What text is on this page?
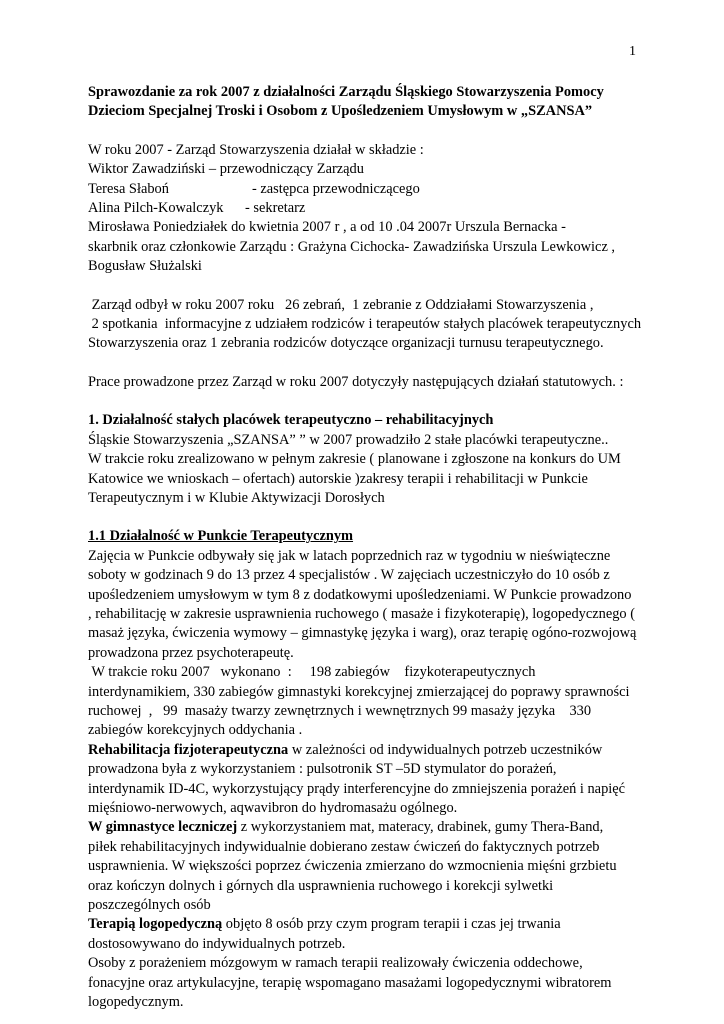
1

Sprawozdanie za rok 2007 z działalności Zarządu Śląskiego Stowarzyszenia Pomocy

Dzieciom Specjalnej Troski i Osobom z Upośledzeniem Umysłowym w „SZANSA”

W roku 2007 - Zarząd Stowarzyszenia działał w składzie :

Wiktor Zawadziński – przewodniczący Zarządu

Teresa Słaboń	- zastępca przewodniczącego

Alina Pilch-Kowalczyk - sekretarz

Mirosława Poniedziałek do kwietnia 2007 r , a od 10 .04 2007r Urszula Bernacka -

skarbnik oraz członkowie Zarządu : Grażyna Cichocka- Zawadzińska Urszula Lewkowicz ,

Bogusław Służalski

Zarząd odbył w roku 2007 roku   26 zebrań,  1 zebranie z Oddziałami Stowarzyszenia ,

2 spotkania  informacyjne z udziałem rodziców i terapeutów stałych placówek terapeutycznych

Stowarzyszenia oraz 1 zebrania rodziców dotyczące organizacji turnusu terapeutycznego.

Prace prowadzone przez Zarząd w roku 2007 dotyczyły następujących działań statutowych. :

1. Działalność stałych placówek terapeutyczno – rehabilitacyjnych

Śląskie Stowarzyszenia „SZANSA” ” w 2007 prowadziło 2 stałe placówki terapeutyczne..

W trakcie roku zrealizowano w pełnym zakresie ( planowane i zgłoszone na konkurs do UM

Katowice we wnioskach – ofertach) autorskie )zakresy terapii i rehabilitacji w Punkcie

Terapeutycznym i w Klubie Aktywizacji Dorosłych

1.1 Działalność w Punkcie Terapeutycznym

Zajęcia w Punkcie odbywały się jak w latach poprzednich raz w tygodniu w nieświąteczne

soboty w godzinach 9 do 13 przez 4 specjalistów . W zajęciach uczestniczyło do 10 osób z

upośledzeniem umysłowym w tym 8 z dodatkowymi upośledzeniami. W Punkcie prowadzono

, rehabilitację w zakresie usprawnienia ruchowego ( masaże i fizykoterapię), logopedycznego (

masaż języka, ćwiczenia wymowy – gimnastykę języka i warg), oraz terapię ogóno-rozwojową

prowadzona przez psychoterapeutę.

W trakcie roku 2007   wykonano  :     198 zabiegów    fizykoterapeutycznych

interdynamikiem, 330 zabiegów gimnastyki korekcyjnej zmierzającej do poprawy sprawności

ruchowej  ,   99  masaży twarzy zewnętrznych i wewnętrznych 99 masaży języka    330

zabiegów korekcyjnych oddychania .

Rehabilitacja fizjoterapeutyczna w zależności od indywidualnych potrzeb uczestników

prowadzona była z wykorzystaniem : pulsotronik ST –5D stymulator do porażeń,

interdynamik ID-4C, wykorzystujący prądy interferencyjne do zmniejszenia porażeń i napięć

mięśniowo-nerwowych, aqwavibron do hydromasażu ogólnego.

W gimnastyce leczniczej z wykorzystaniem mat, materacy, drabinek, gumy Thera-Band,

piłek rehabilitacyjnych indywidualnie dobierano zestaw ćwiczeń do faktycznych potrzeb

usprawnienia. W większości poprzez ćwiczenia zmierzano do wzmocnienia mięśni grzbietu

oraz kończyn dolnych i górnych dla usprawnienia ruchowego i korekcji sylwetki

poszczególnych osób

Terapią logopedyczną objęto 8 osób przy czym program terapii i czas jej trwania

dostosowywano do indywidualnych potrzeb.

Osoby z porażeniem mózgowym w ramach terapii realizowały ćwiczenia oddechowe,

fonacyjne oraz artykulacyjne, terapię wspomagano masażami logopedycznymi wibratorem

logopedycznym.
